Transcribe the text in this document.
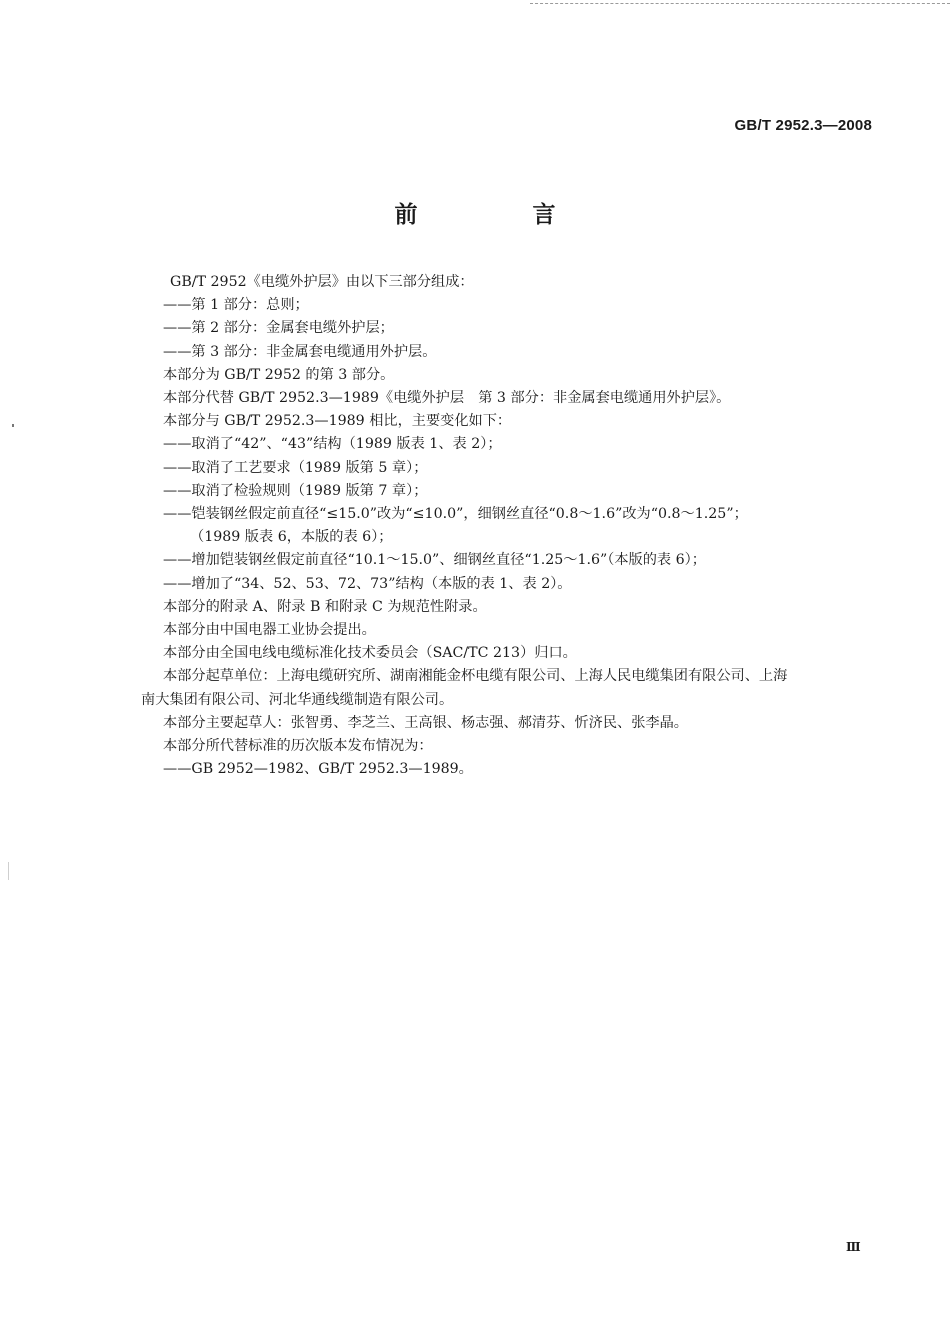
GB/T 2952.3—2008
前　言
GB/T 2952《电缆外护层》由以下三部分组成：
——第 1 部分：总则；
——第 2 部分：金属套电缆外护层；
——第 3 部分：非金属套电缆通用外护层。
本部分为 GB/T 2952 的第 3 部分。
本部分代替 GB/T 2952.3—1989《电缆外护层　第 3 部分：非金属套电缆通用外护层》。
本部分与 GB/T 2952.3—1989 相比，主要变化如下：
——取消了“42”、“43”结构（1989 版表 1、表 2）；
——取消了工艺要求（1989 版第 5 章）；
——取消了检验规则（1989 版第 7 章）；
——铠装钢丝假定前直径“≤15.0”改为“≤10.0”，细钢丝直径“0.8～1.6”改为“0.8～1.25”；
（1989 版表 6，本版的表 6）；
——增加铠装钢丝假定前直径“10.1～15.0”、细钢丝直径“1.25～1.6”（本版的表 6）；
——增加了“34、52、53、72、73”结构（本版的表 1、表 2）。
本部分的附录 A、附录 B 和附录 C 为规范性附录。
本部分由中国电器工业协会提出。
本部分由全国电线电缆标准化技术委员会（SAC/TC 213）归口。
本部分起草单位：上海电缆研究所、湖南湘能金杯电缆有限公司、上海人民电缆集团有限公司、上海
南大集团有限公司、河北华通线缆制造有限公司。
本部分主要起草人：张智勇、李芝兰、王高银、杨志强、郝清芬、忻济民、张李晶。
本部分所代替标准的历次版本发布情况为：
——GB 2952—1982、GB/T 2952.3—1989。
Ⅲ
